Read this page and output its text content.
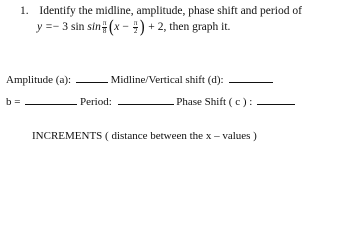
1. Identify the midline, amplitude, phase shift and period of
y = − 3 $\sin \sin \frac{\pi}{8}$ ( $x - \frac{\pi}{2}$ ) + 2, then graph it.
Amplitude (a):	Midline/Vertical shift (d):
b =	Period:	Phase Shift ( c ) :
INCREMENTS ( distance between the x – values )
